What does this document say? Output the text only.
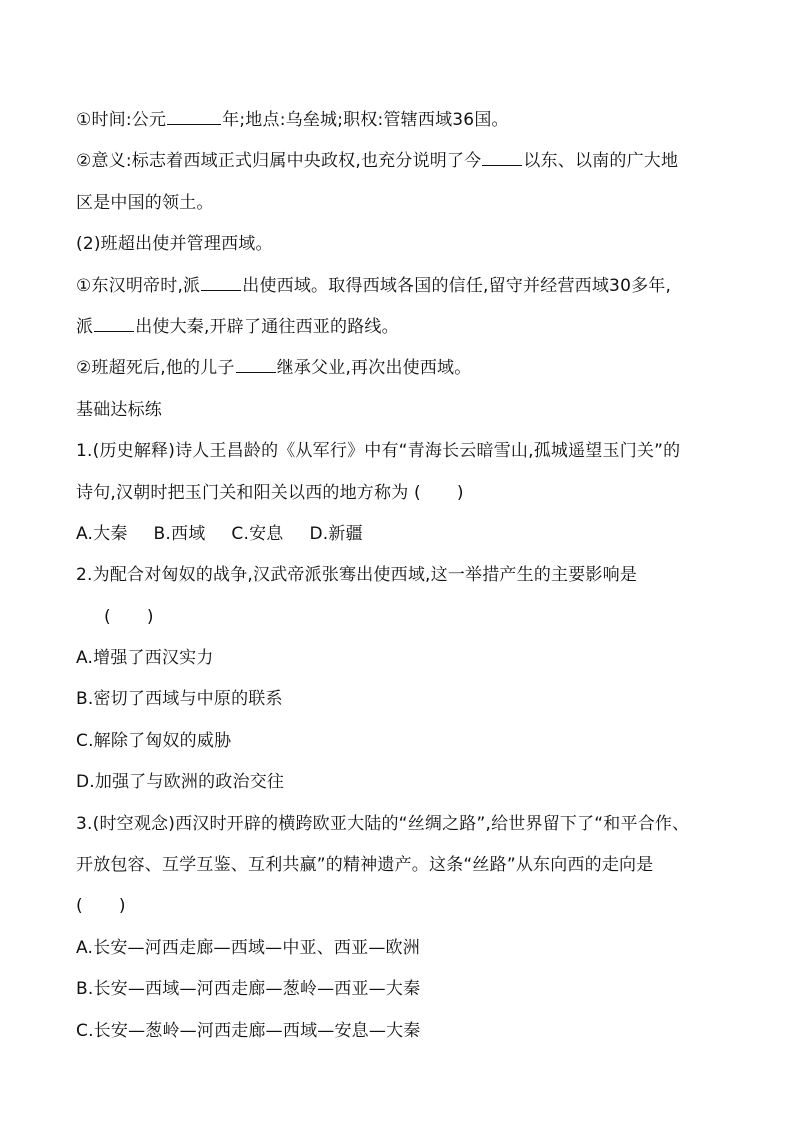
①时间:公元	年;地点:乌垒城;职权:管辖西域36国。
②意义:标志着西域正式归属中央政权,也充分说明了今 以东、以南的广大地
区是中国的领土。
(2)班超出使并管理西域。
①东汉明帝时,派 出使西域。取得西域各国的信任,留守并经营西域30多年,
派 出使大秦,开辟了通往西亚的路线。
②班超死后,他的儿子 继承父业,再次出使西域。
基础达标练
1.(历史解释)诗人王昌龄的《从军行》中有“青海长云暗雪山,孤城遥望玉门关”的
诗句,汉朝时把玉门关和阳关以西的地方称为 ( )
A.大秦 B.西域 C.安息 D.新疆
2.为配合对匈奴的战争,汉武帝派张骞出使西域,这一举措产生的主要影响是
( )
A.增强了西汉实力
B.密切了西域与中原的联系
C.解除了匈奴的威胁
D.加强了与欧洲的政治交往
3.(时空观念)西汉时开辟的横跨欧亚大陆的“丝绸之路”,给世界留下了“和平合作、
开放包容、互学互鉴、互利共赢”的精神遗产。这条“丝路”从东向西的走向是
( )
A.长安—河西走廊—西域—中亚、西亚—欧洲
B.长安—西域—河西走廊—葱岭—西亚—大秦
C.长安—葱岭—河西走廊—西域—安息—大秦
